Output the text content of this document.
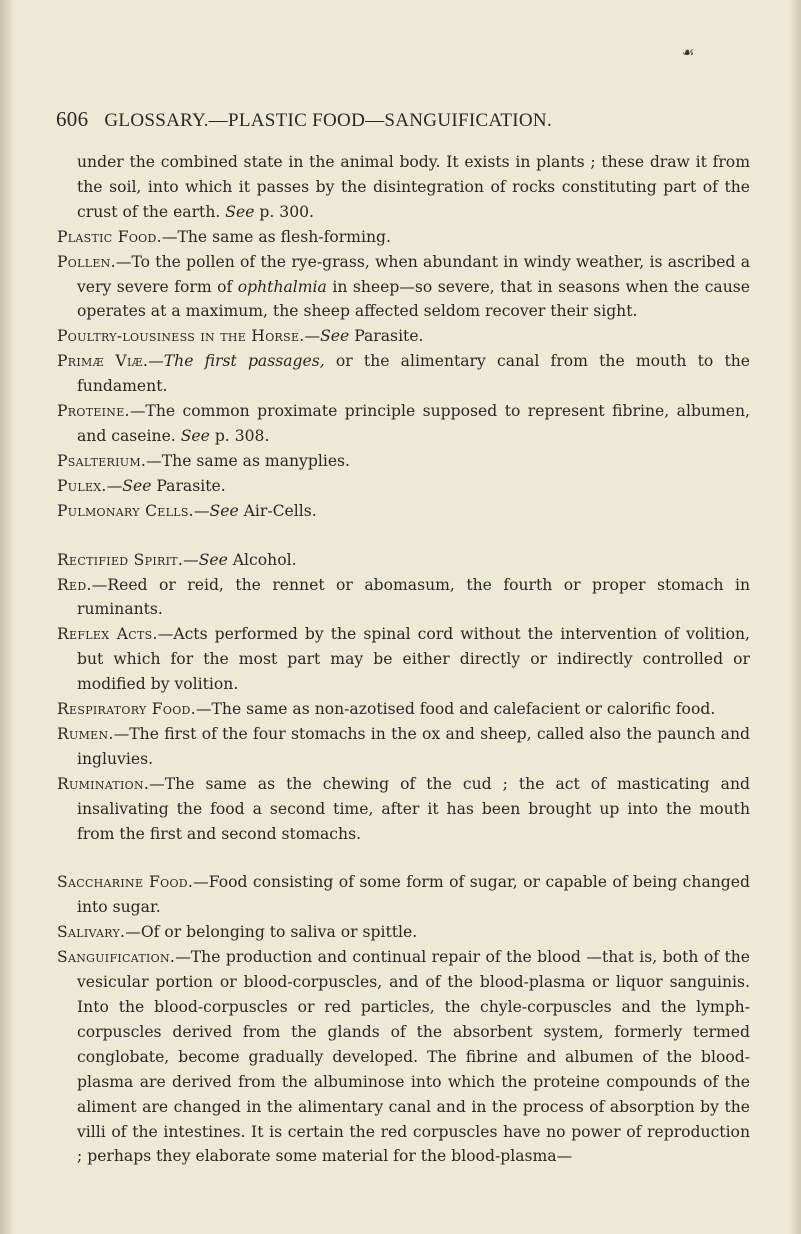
☙
606 GLOSSARY.—PLASTIC FOOD—SANGUIFICATION.

under the combined state in the animal body. It exists in plants ; these draw it from the soil, into which it passes by the disintegration of rocks constituting part of the crust of the earth. See p. 300.

Plastic Food.—The same as flesh-forming.

Pollen.—To the pollen of the rye-grass, when abundant in windy weather, is ascribed a very severe form of ophthalmia in sheep—so severe, that in seasons when the cause operates at a maximum, the sheep affected seldom recover their sight.

Poultry-lousiness in the Horse.—See Parasite.

Primæ Viæ.—The first passages, or the alimentary canal from the mouth to the fundament.

Proteine.—The common proximate principle supposed to represent fibrine, albumen, and caseine. See p. 308.

Psalterium.—The same as manyplies.

Pulex.—See Parasite.

Pulmonary Cells.—See Air-Cells.

Rectified Spirit.—See Alcohol.

Red.—Reed or reid, the rennet or abomasum, the fourth or proper stomach in ruminants.

Reflex Acts.—Acts performed by the spinal cord without the intervention of volition, but which for the most part may be either directly or indirectly controlled or modified by volition.

Respiratory Food.—The same as non-azotised food and calefacient or calorific food.

Rumen.—The first of the four stomachs in the ox and sheep, called also the paunch and ingluvies.

Rumination.—The same as the chewing of the cud ; the act of masticating and insalivating the food a second time, after it has been brought up into the mouth from the first and second stomachs.

Saccharine Food.—Food consisting of some form of sugar, or capable of being changed into sugar.

Salivary.—Of or belonging to saliva or spittle.

Sanguification.—The production and continual repair of the blood —that is, both of the vesicular portion or blood-corpuscles, and of the blood-plasma or liquor sanguinis. Into the blood-corpuscles or red particles, the chyle-corpuscles and the lymph-corpuscles derived from the glands of the absorbent system, formerly termed conglobate, become gradually developed. The fibrine and albumen of the blood-plasma are derived from the albuminose into which the proteine compounds of the aliment are changed in the alimentary canal and in the process of absorption by the villi of the intestines. It is certain the red corpuscles have no power of reproduction ; perhaps they elaborate some material for the blood-plasma—
